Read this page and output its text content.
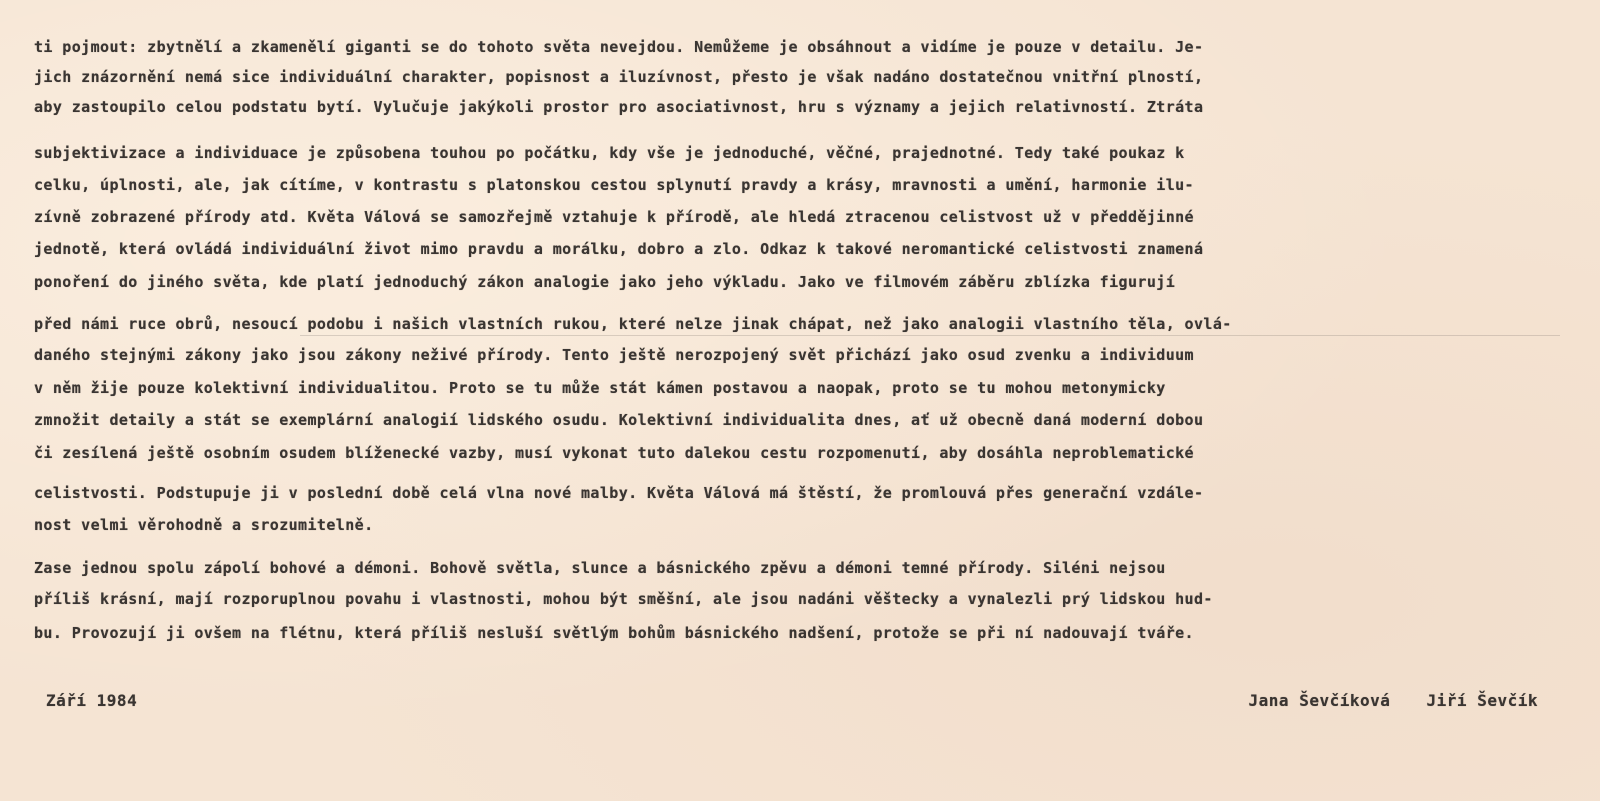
ti pojmout: zbytnělí a zkamenělí giganti se do tohoto světa nevejdou. Nemůžeme je obsáhnout a vidíme je pouze v detailu. Je-

jich znázornění nemá sice individuální charakter, popisnost a iluzívnost, přesto je však nadáno dostatečnou vnitřní plností,

aby zastoupilo celou podstatu bytí. Vylučuje jakýkoli prostor pro asociativnost, hru s významy a jejich relativností. Ztráta

subjektivizace a individuace je způsobena touhou po počátku, kdy vše je jednoduché, věčné, prajednotné. Tedy také poukaz k

celku, úplnosti, ale, jak cítíme, v kontrastu s platonskou cestou splynutí pravdy a krásy, mravnosti a umění, harmonie ilu-

zívně zobrazené přírody atd. Květa Válová se samozřejmě vztahuje k přírodě, ale hledá ztracenou celistvost už v předdějinné

jednotě, která ovládá individuální život mimo pravdu a morálku, dobro a zlo. Odkaz k takové neromantické celistvosti znamená

ponoření do jiného světa, kde platí jednoduchý zákon analogie jako jeho výkladu. Jako ve filmovém záběru zblízka figurují

před námi ruce obrů, nesoucí podobu i našich vlastních rukou, které nelze jinak chápat, než jako analogii vlastního těla, ovlá-

daného stejnými zákony jako jsou zákony neživé přírody. Tento ještě nerozpojený svět přichází jako osud zvenku a individuum

v něm žije pouze kolektivní individualitou. Proto se tu může stát kámen postavou a naopak, proto se tu mohou metonymicky

zmnožit detaily a stát se exemplární analogií lidského osudu. Kolektivní individualita dnes, ať už obecně daná moderní dobou

či zesílená ještě osobním osudem blíženecké vazby, musí vykonat tuto dalekou cestu rozpomenutí, aby dosáhla neproblematické

celistvosti. Podstupuje ji v poslední době celá vlna nové malby. Květa Válová má štěstí, že promlouvá přes generační vzdále-

nost velmi věrohodně a srozumitelně.

Zase jednou spolu zápolí bohové a démoni. Bohově světla, slunce a básnického zpěvu a démoni temné přírody. Siléni nejsou

příliš krásní, mají rozporuplnou povahu i vlastnosti, mohou být směšní, ale jsou nadáni věštecky a vynalezli prý lidskou hud-

bu. Provozují ji ovšem na flétnu, která příliš nesluší světlým bohům básnického nadšení, protože se při ní nadouvají tváře.

Září 1984	Jana Ševčíková Jiří Ševčík
